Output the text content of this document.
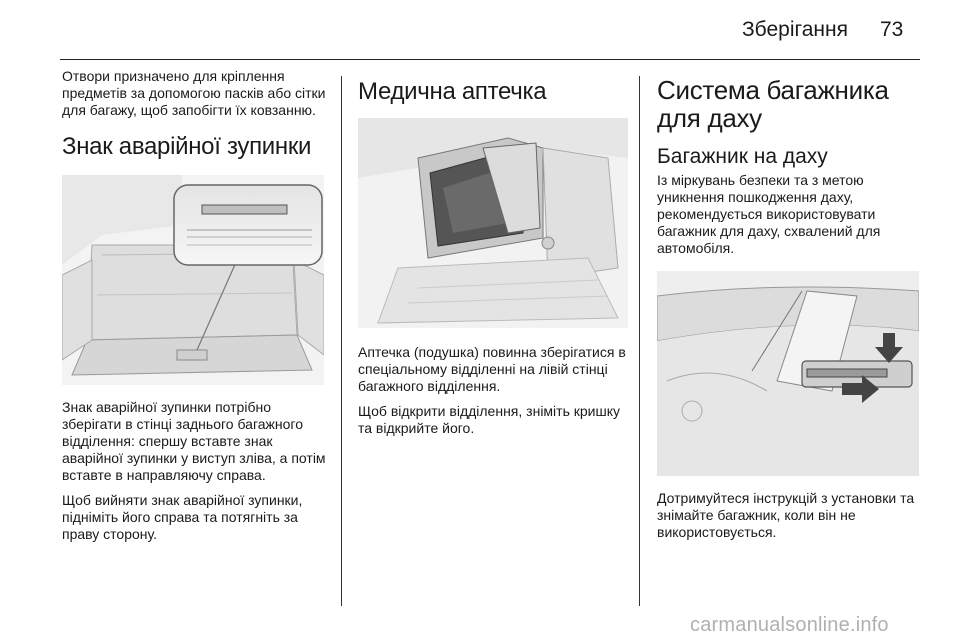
Зберігання 73

Отвори призначено для кріплення предметів за допомогою пасків або сітки для багажу, щоб запобігти їх ковзанню.

Знак аварійної зупинки

Знак аварійної зупинки потрібно зберігати в стінці заднього багажного відділення: спершу вставте знак аварійної зупинки у виступ зліва, а потім вставте в направляючу справа.

Щоб вийняти знак аварійної зупинки, підніміть його справа та потягніть за праву сторону.

Медична аптечка

Аптечка (подушка) повинна зберігатися в спеціальному відділенні на лівій стінці багажного відділення.

Щоб відкрити відділення, зніміть кришку та відкрийте його.

Система багажника для даху
Багажник на даху

Із міркувань безпеки та з метою уникнення пошкодження даху, рекомендується використовувати багажник для даху, схвалений для автомобіля.

Дотримуйтеся інструкцій з установки та знімайте багажник, коли він не використовується.

carmanualsonline.info
